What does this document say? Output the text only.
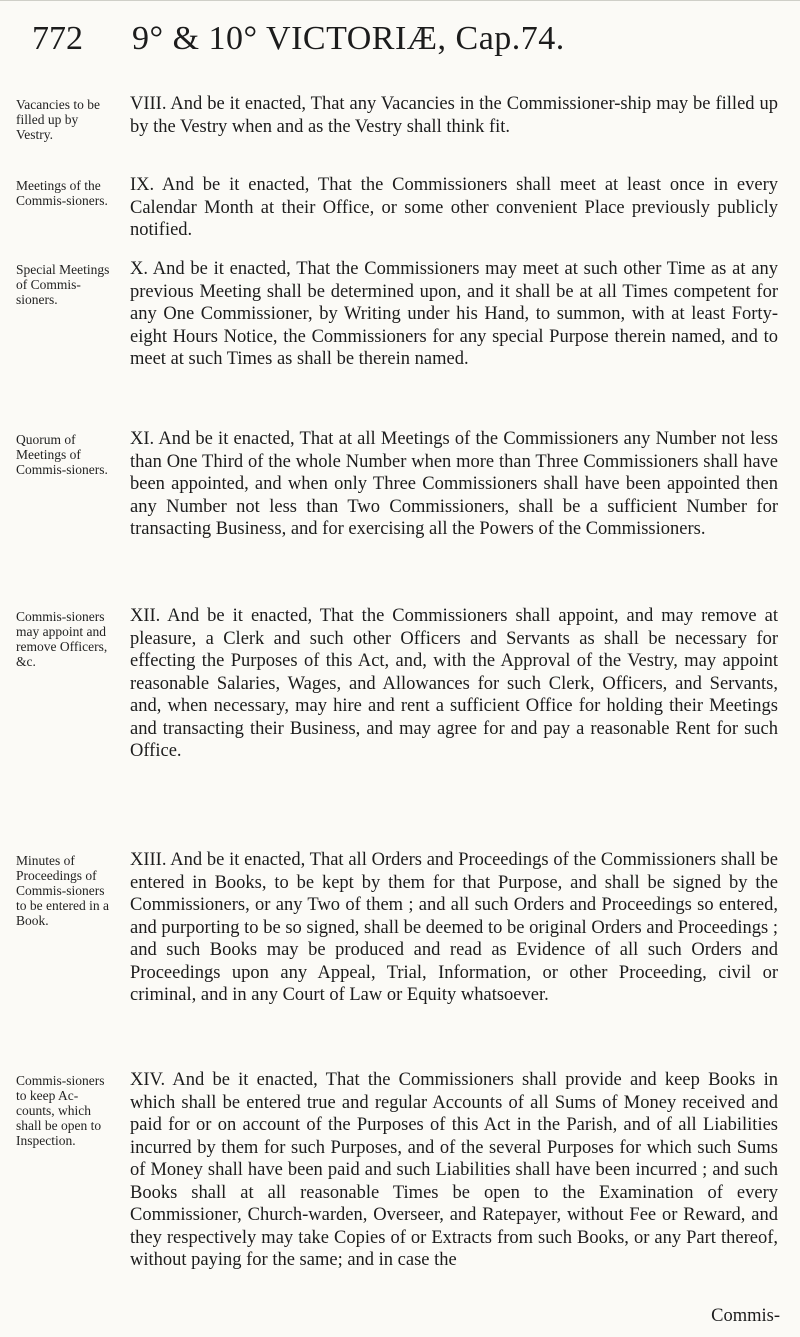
772 9° & 10° VICTORIÆ, Cap.74.
Vacancies to be filled up by Vestry.
VIII. And be it enacted, That any Vacancies in the Commissioner-ship may be filled up by the Vestry when and as the Vestry shall think fit.
Meetings of the Commis-sioners.
IX. And be it enacted, That the Commissioners shall meet at least once in every Calendar Month at their Office, or some other convenient Place previously publicly notified.
Special Meetings of Commis-sioners.
X. And be it enacted, That the Commissioners may meet at such other Time as at any previous Meeting shall be determined upon, and it shall be at all Times competent for any One Commissioner, by Writing under his Hand, to summon, with at least Forty-eight Hours Notice, the Commissioners for any special Purpose therein named, and to meet at such Times as shall be therein named.
Quorum of Meetings of Commis-sioners.
XI. And be it enacted, That at all Meetings of the Commissioners any Number not less than One Third of the whole Number when more than Three Commissioners shall have been appointed, and when only Three Commissioners shall have been appointed then any Number not less than Two Commissioners, shall be a sufficient Number for transacting Business, and for exercising all the Powers of the Commissioners.
Commis-sioners may appoint and remove Officers, &c.
XII. And be it enacted, That the Commissioners shall appoint, and may remove at pleasure, a Clerk and such other Officers and Servants as shall be necessary for effecting the Purposes of this Act, and, with the Approval of the Vestry, may appoint reasonable Salaries, Wages, and Allowances for such Clerk, Officers, and Servants, and, when necessary, may hire and rent a sufficient Office for holding their Meetings and transacting their Business, and may agree for and pay a reasonable Rent for such Office.
Minutes of Proceedings of Commis-sioners to be entered in a Book.
XIII. And be it enacted, That all Orders and Proceedings of the Commissioners shall be entered in Books, to be kept by them for that Purpose, and shall be signed by the Commissioners, or any Two of them ; and all such Orders and Proceedings so entered, and purporting to be so signed, shall be deemed to be original Orders and Proceedings ; and such Books may be produced and read as Evidence of all such Orders and Proceedings upon any Appeal, Trial, Information, or other Proceeding, civil or criminal, and in any Court of Law or Equity whatsoever.
Commis-sioners to keep Ac-counts, which shall be open to Inspection.
XIV. And be it enacted, That the Commissioners shall provide and keep Books in which shall be entered true and regular Accounts of all Sums of Money received and paid for or on account of the Purposes of this Act in the Parish, and of all Liabilities incurred by them for such Purposes, and of the several Purposes for which such Sums of Money shall have been paid and such Liabilities shall have been incurred ; and such Books shall at all reasonable Times be open to the Examination of every Commissioner, Church-warden, Overseer, and Ratepayer, without Fee or Reward, and they respectively may take Copies of or Extracts from such Books, or any Part thereof, without paying for the same; and in case the
Commis-
